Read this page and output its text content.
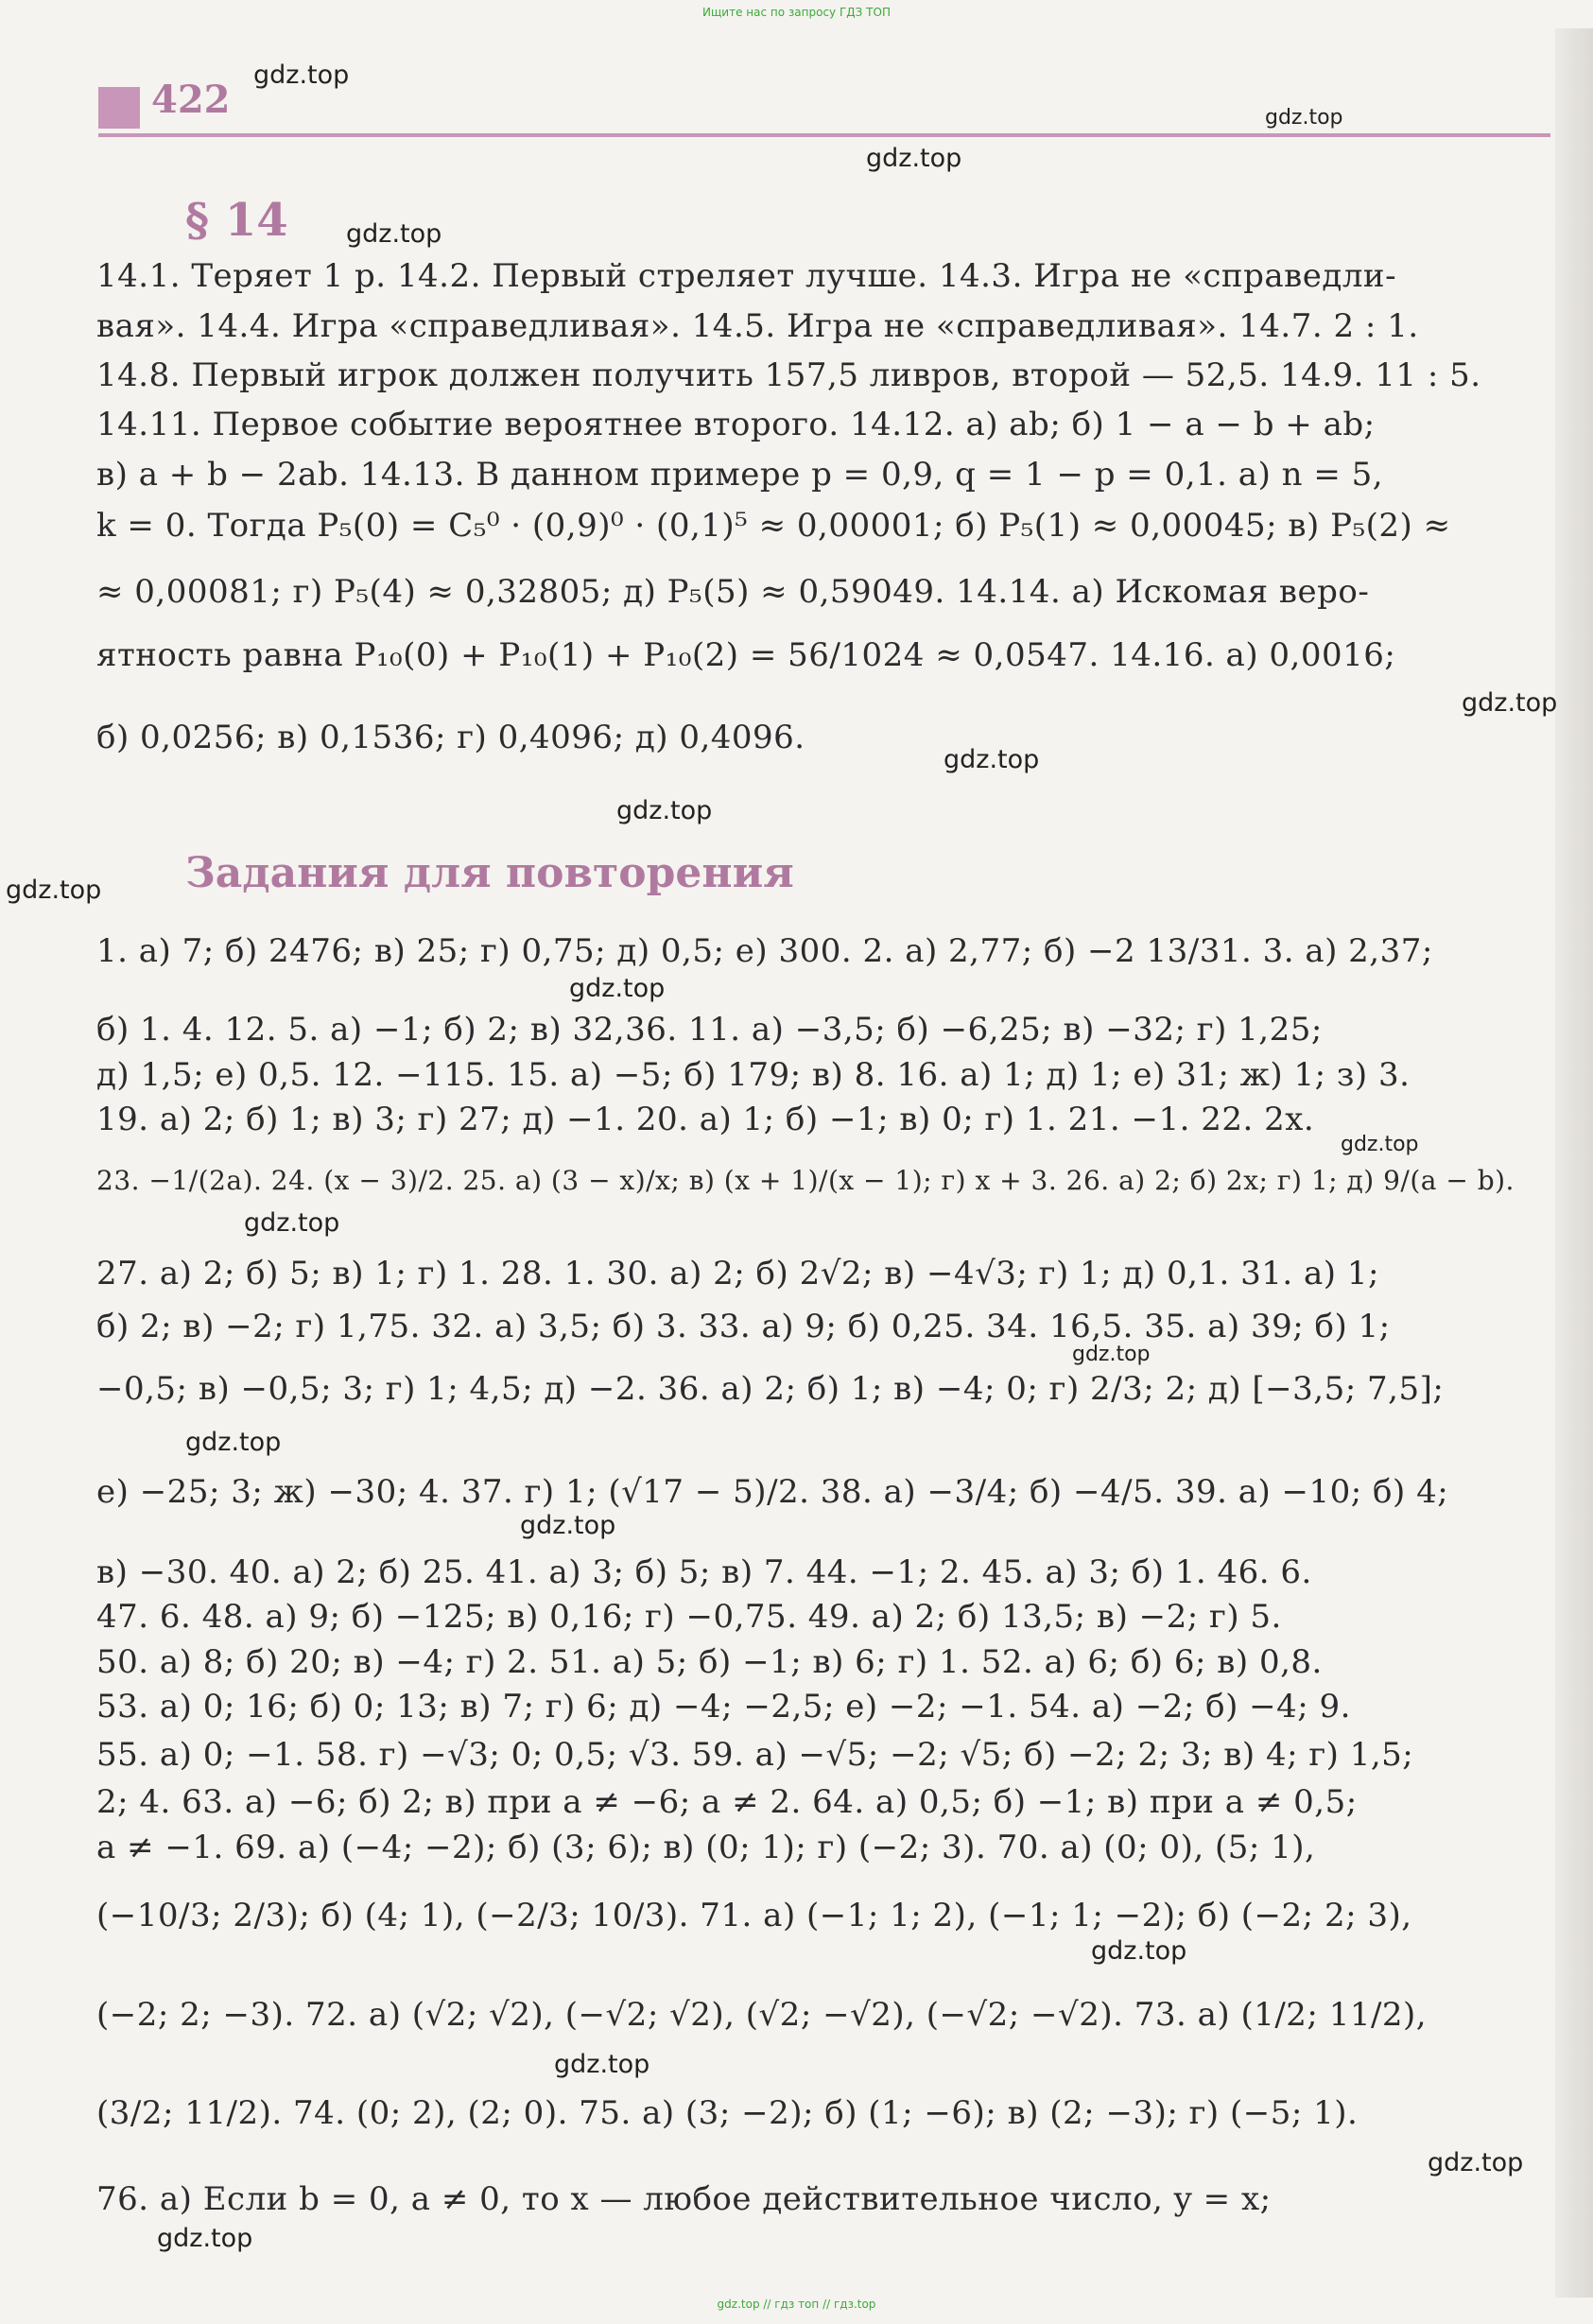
Ищите нас по запросу ГДЗ ТОП
422
§ 14
14.1. Теряет 1 р. 14.2. Первый стреляет лучше. 14.3. Игра не «справедли-
вая». 14.4. Игра «справедливая». 14.5. Игра не «справедливая». 14.7. 2 : 1.
14.8. Первый игрок должен получить 157,5 ливров, второй — 52,5. 14.9. 11 : 5.
14.11. Первое событие вероятнее второго. 14.12. а) ab; б) 1 − a − b + ab;
в) a + b − 2ab. 14.13. В данном примере p = 0,9, q = 1 − p = 0,1. а) n = 5,
k = 0. Тогда P₅(0) = C₅⁰ · (0,9)⁰ · (0,1)⁵ ≈ 0,00001; б) P₅(1) ≈ 0,00045; в) P₅(2) ≈
≈ 0,00081; г) P₅(4) ≈ 0,32805; д) P₅(5) ≈ 0,59049. 14.14. а) Искомая веро-
ятность равна P₁₀(0) + P₁₀(1) + P₁₀(2) = 56/1024 ≈ 0,0547. 14.16. а) 0,0016;
б) 0,0256; в) 0,1536; г) 0,4096; д) 0,4096.
Задания для повторения
1. а) 7; б) 2476; в) 25; г) 0,75; д) 0,5; е) 300. 2. а) 2,77; б) −2 13/31. 3. а) 2,37;
б) 1. 4. 12. 5. а) −1; б) 2; в) 32,36. 11. а) −3,5; б) −6,25; в) −32; г) 1,25;
д) 1,5; е) 0,5. 12. −115. 15. а) −5; б) 179; в) 8. 16. а) 1; д) 1; е) 31; ж) 1; з) 3.
19. а) 2; б) 1; в) 3; г) 27; д) −1. 20. а) 1; б) −1; в) 0; г) 1. 21. −1. 22. 2x.
23. −1/(2a). 24. (x − 3)/2. 25. а) (3 − x)/x; в) (x + 1)/(x − 1); г) x + 3. 26. а) 2; б) 2x; г) 1; д) 9/(a − b).
27. а) 2; б) 5; в) 1; г) 1. 28. 1. 30. а) 2; б) 2√2; в) −4√3; г) 1; д) 0,1. 31. а) 1;
б) 2; в) −2; г) 1,75. 32. а) 3,5; б) 3. 33. а) 9; б) 0,25. 34. 16,5. 35. а) 39; б) 1;
−0,5; в) −0,5; 3; г) 1; 4,5; д) −2. 36. а) 2; б) 1; в) −4; 0; г) 2/3; 2; д) [−3,5; 7,5];
е) −25; 3; ж) −30; 4. 37. г) 1; (√17 − 5)/2. 38. а) −3/4; б) −4/5. 39. а) −10; б) 4;
в) −30. 40. а) 2; б) 25. 41. а) 3; б) 5; в) 7. 44. −1; 2. 45. а) 3; б) 1. 46. 6.
47. 6. 48. а) 9; б) −125; в) 0,16; г) −0,75. 49. а) 2; б) 13,5; в) −2; г) 5.
50. а) 8; б) 20; в) −4; г) 2. 51. а) 5; б) −1; в) 6; г) 1. 52. а) 6; б) 6; в) 0,8.
53. а) 0; 16; б) 0; 13; в) 7; г) 6; д) −4; −2,5; е) −2; −1. 54. а) −2; б) −4; 9.
55. а) 0; −1. 58. г) −√3; 0; 0,5; √3. 59. а) −√5; −2; √5; б) −2; 2; 3; в) 4; г) 1,5;
2; 4. 63. а) −6; б) 2; в) при a ≠ −6; a ≠ 2. 64. а) 0,5; б) −1; в) при a ≠ 0,5;
a ≠ −1. 69. а) (−4; −2); б) (3; 6); в) (0; 1); г) (−2; 3). 70. а) (0; 0), (5; 1),
(−10/3; 2/3); б) (4; 1), (−2/3; 10/3). 71. а) (−1; 1; 2), (−1; 1; −2); б) (−2; 2; 3),
(−2; 2; −3). 72. а) (√2; √2), (−√2; √2), (√2; −√2), (−√2; −√2). 73. а) (1/2; 11/2),
(3/2; 11/2). 74. (0; 2), (2; 0). 75. а) (3; −2); б) (1; −6); в) (2; −3); г) (−5; 1).
76. а) Если b = 0, a ≠ 0, то x — любое действительное число, y = x;
gdz.top
gdz.top
gdz.top
gdz.top
gdz.top
gdz.top
gdz.top
gdz.top
gdz.top
gdz.top
gdz.top
gdz.top
gdz.top
gdz.top
gdz.top
gdz.top
gdz.top
gdz.top
gdz.top // гдз топ // гдз.top
